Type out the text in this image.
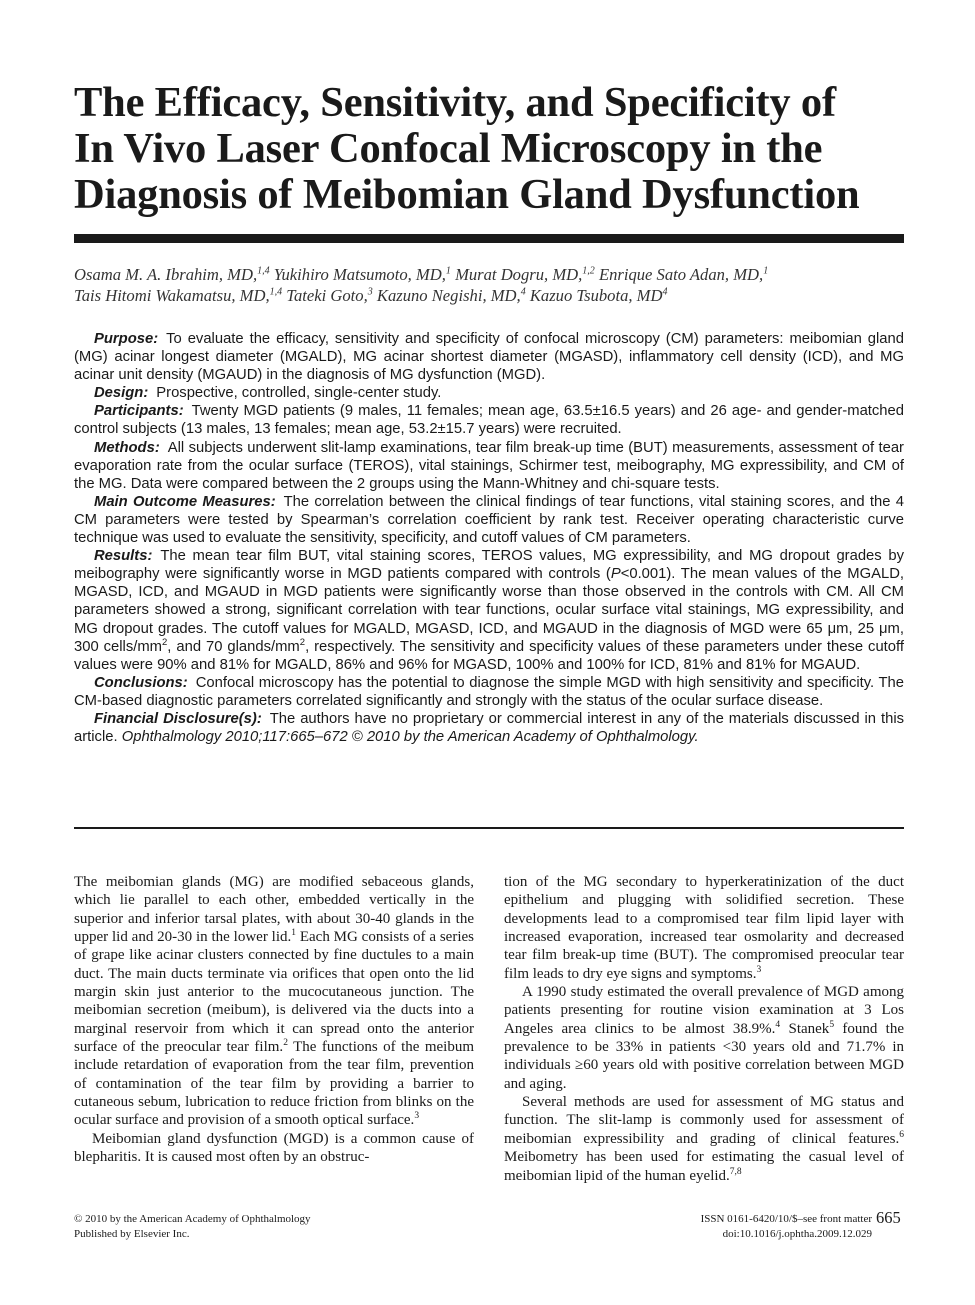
The Efficacy, Sensitivity, and Specificity of
In Vivo Laser Confocal Microscopy in the
Diagnosis of Meibomian Gland Dysfunction
Osama M. A. Ibrahim, MD,$^{1,4}$ Yukihiro Matsumoto, MD,$^1$ Murat Dogru, MD,$^{1,2}$ Enrique Sato Adan, MD,$^1$
Tais Hitomi Wakamatsu, MD,$^{1,4}$ Tateki Goto,$^3$ Kazuno Negishi, MD,$^4$ Kazuo Tsubota, $MD^4$

Purpose: To evaluate the efficacy, sensitivity and specificity of confocal microscopy (CM) parameters: meibomian gland (MG) acinar longest diameter (MGALD), MG acinar shortest diameter (MGASD), inflammatory cell density (ICD), and MG acinar unit density (MGAUD) in the diagnosis of MG dysfunction (MGD).

Design: Prospective, controlled, single-center study.

Participants: Twenty MGD patients (9 males, 11 females; mean age, 63.5±16.5 years) and 26 age- and gender-matched control subjects (13 males, 13 females; mean age, 53.2±15.7 years) were recruited.

Methods: All subjects underwent slit-lamp examinations, tear film break-up time (BUT) measurements, assessment of tear evaporation rate from the ocular surface (TEROS), vital stainings, Schirmer test, meibography, MG expressibility, and CM of the MG. Data were compared between the 2 groups using the Mann-Whitney and chi-square tests.

Main Outcome Measures: The correlation between the clinical findings of tear functions, vital staining scores, and the 4 CM parameters were tested by Spearman’s correlation coefficient by rank test. Receiver operating characteristic curve technique was used to evaluate the sensitivity, specificity, and cutoff values of CM parameters.

Results: The mean tear film BUT, vital staining scores, TEROS values, MG expressibility, and MG dropout grades by meibography were significantly worse in MGD patients compared with controls (P<0.001). The mean values of the MGALD, MGASD, ICD, and MGAUD in MGD patients were significantly worse than those observed in the controls with CM. All CM parameters showed a strong, significant correlation with tear functions, ocular surface vital stainings, MG expressibility, and MG dropout grades. The cutoff values for MGALD, MGASD, ICD, and MGAUD in the diagnosis of MGD were 65 μm, 25 μm, 300 cells/$mm^2$, and 70 glands/$mm^2$, respectively. The sensitivity and specificity values of these parameters under these cutoff values were 90% and 81% for MGALD, 86% and 96% for MGASD, 100% and 100% for ICD, 81% and 81% for MGAUD.

Conclusions: Confocal microscopy has the potential to diagnose the simple MGD with high sensitivity and specificity. The CM-based diagnostic parameters correlated significantly and strongly with the status of the ocular surface disease.

Financial Disclosure(s): The authors have no proprietary or commercial interest in any of the materials discussed in this article. Ophthalmology 2010;117:665–672 © 2010 by the American Academy of Ophthalmology.

The meibomian glands (MG) are modified sebaceous glands, which lie parallel to each other, embedded vertically in the superior and inferior tarsal plates, with about 30-40 glands in the upper lid and 20-30 in the lower lid.$^1$ Each MG consists of a series of grape like acinar clusters connected by fine ductules to a main duct. The main ducts terminate via orifices that open onto the lid margin skin just anterior to the mucocutaneous junction. The meibomian secretion (meibum), is delivered via the ducts into a marginal reservoir from which it can spread onto the anterior surface of the preocular tear film.$^2$ The functions of the meibum include retardation of evaporation from the tear film, prevention of contamination of the tear film by providing a barrier to cutaneous sebum, lubrication to reduce friction from blinks on the ocular surface and provision of a smooth optical surface.$^3$

Meibomian gland dysfunction (MGD) is a common cause of blepharitis. It is caused most often by an obstruc-

tion of the MG secondary to hyperkeratinization of the duct epithelium and plugging with solidified secretion. These developments lead to a compromised tear film lipid layer with increased evaporation, increased tear osmolarity and decreased tear film break-up time (BUT). The compromised preocular tear film leads to dry eye signs and symptoms.$^3$

A 1990 study estimated the overall prevalence of MGD among patients presenting for routine vision examination at 3 Los Angeles area clinics to be almost 38.9%.$^4$ Stanek$^5$ found the prevalence to be 33% in patients <30 years old and 71.7% in individuals ≥60 years old with positive correlation between MGD and aging.

Several methods are used for assessment of MG status and function. The slit-lamp is commonly used for assessment of meibomian expressibility and grading of clinical features.$^6$ Meibometry has been used for estimating the casual level of meibomian lipid of the human eyelid.$^{7,8}$

© 2010 by the American Academy of Ophthalmology
Published by Elsevier Inc.
ISSN 0161-6420/10/$–see front matter
doi:10.1016/j.ophtha.2009.12.029
665
